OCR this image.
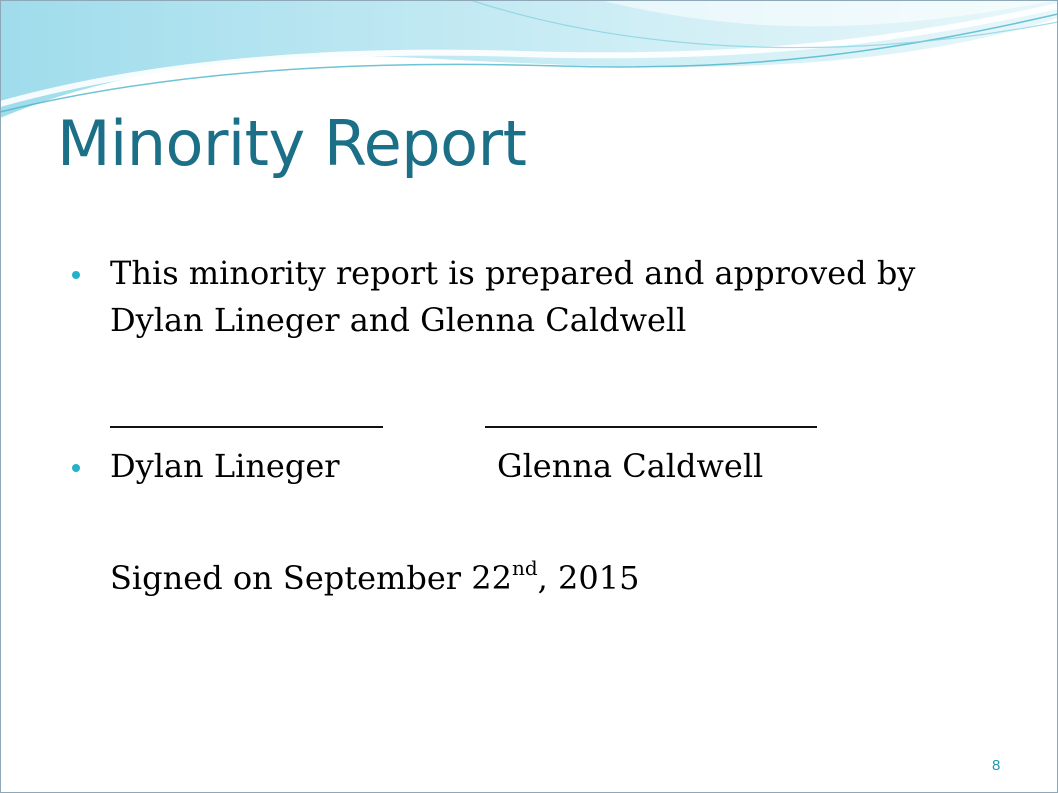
Minority Report
This minority report is prepared and approved by
Dylan Lineger and Glenna Caldwell
Dylan Lineger	Glenna Caldwell
Signed on September 22nd, 2015
8
